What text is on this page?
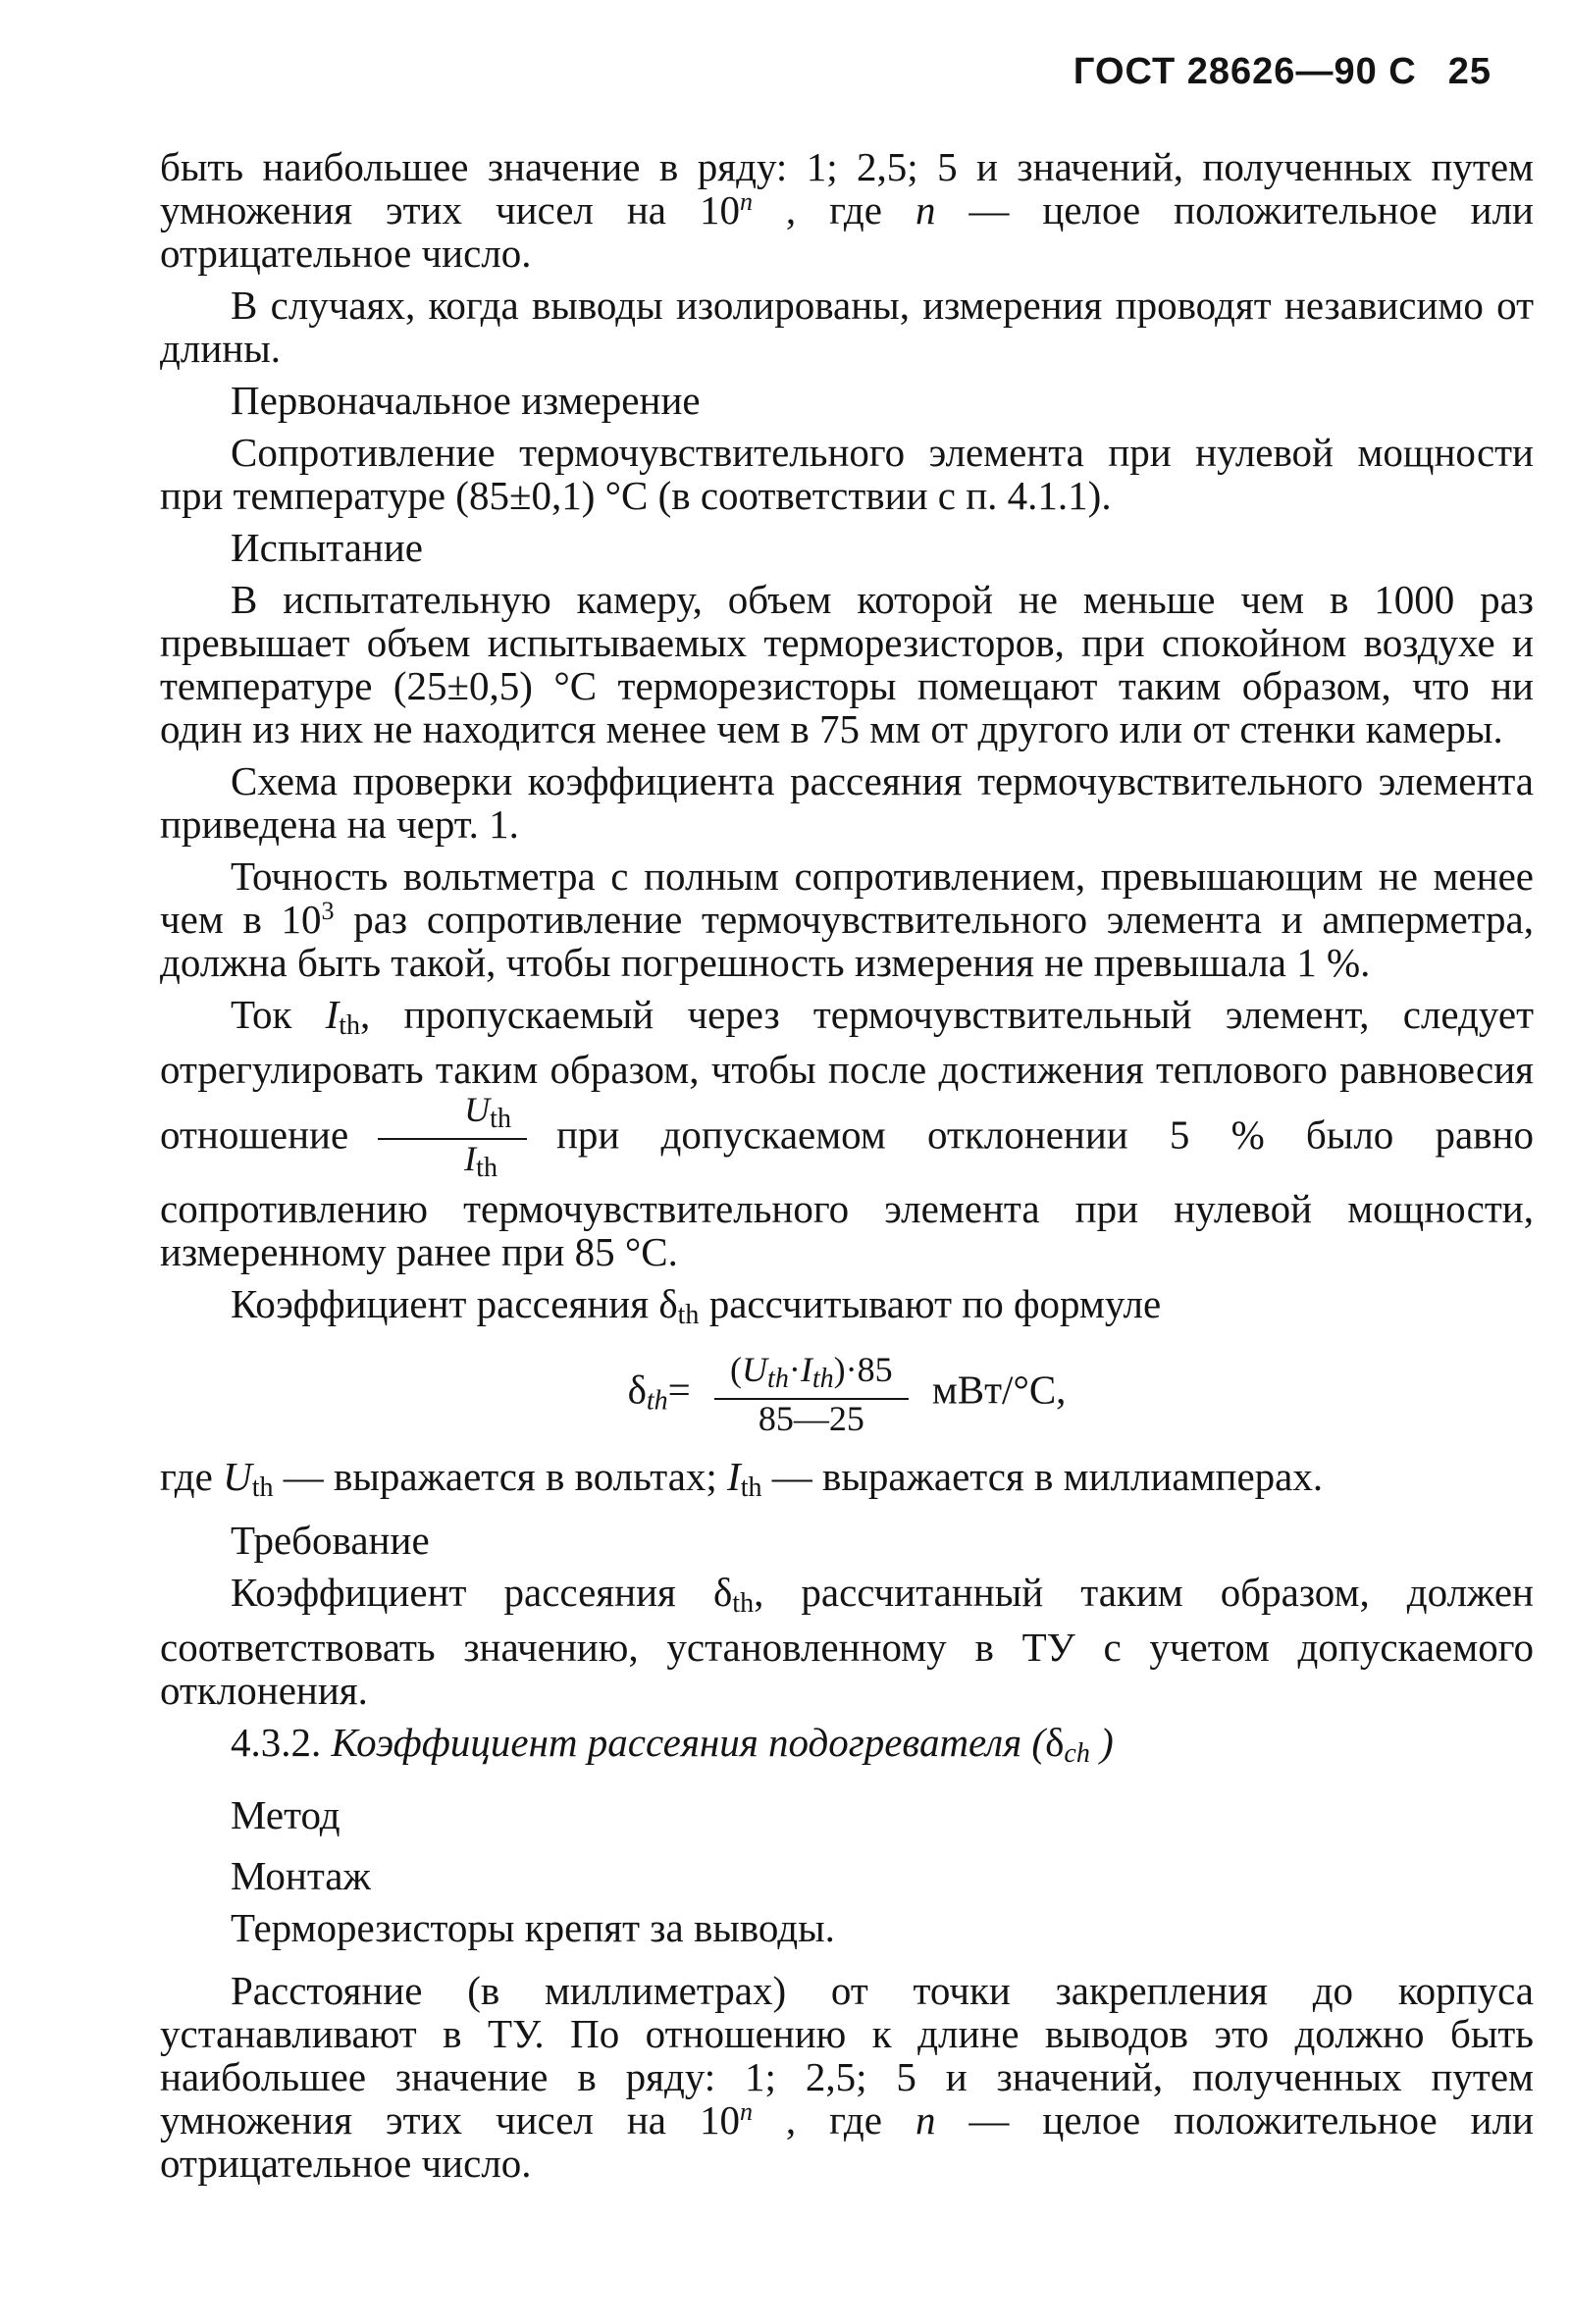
ГОСТ 28626—90 С 25

быть наибольшее значение в ряду: 1; 2,5; 5 и значений, полученных путем умножения этих чисел на 10$^n$ , где n — целое положительное или отрицательное число.

В случаях, когда выводы изолированы, измерения проводят независимо от длины.

Первоначальное измерение

Сопротивление термочувствительного элемента при нулевой мощности при температуре (85±0,1) °С (в соответствии с п. 4.1.1).

Испытание

В испытательную камеру, объем которой не меньше чем в 1000 раз превышает объем испытываемых терморезисторов, при спокойном воздухе и температуре (25±0,5) °С терморезисторы помещают таким образом, что ни один из них не находится менее чем в 75 мм от другого или от стенки камеры.

Схема проверки коэффициента рассеяния термочувствительного элемента приведена на черт. 1.

Точность вольтметра с полным сопротивлением, превышающим не менее чем в $10^3$ раз сопротивление термочувствительного элемента и амперметра, должна быть такой, чтобы погрешность измерения не превышала 1 %.

Ток $I_{th}$, пропускаемый через термочувствительный элемент, следует отрегулировать таким образом, чтобы после достижения теплового равновесия отношение $\frac{U_{th}}{I_{th}}$ при допускаемом отклонении 5 % было равно сопротивлению термочувствительного элемента при нулевой мощности, измеренному ранее при 85 °С.

Коэффициент рассеяния $\delta_{th}$ рассчитывают по формуле

$\delta_{th}= \frac{(U_{th}\cdot I_{th})\cdot 85}{85—25} мВт/^\circ С$,

где $U_{th}$ — выражается в вольтах; $I_{th}$ — выражается в миллиамперах.

Требование

Коэффициент рассеяния $\delta_{th}$, рассчитанный таким образом, должен соответствовать значению, установленному в ТУ с учетом допускаемого отклонения.

4.3.2. Коэффициент рассеяния подогревателя ($\delta_{ch}$ )

Метод

Монтаж

Терморезисторы крепят за выводы.

Расстояние (в миллиметрах) от точки закрепления до корпуса устанавливают в ТУ. По отношению к длине выводов это должно быть наибольшее значение в ряду: 1; 2,5; 5 и значений, полученных путем умножения этих чисел на 10$^n$ , где n — целое положительное или отрицательное число.
